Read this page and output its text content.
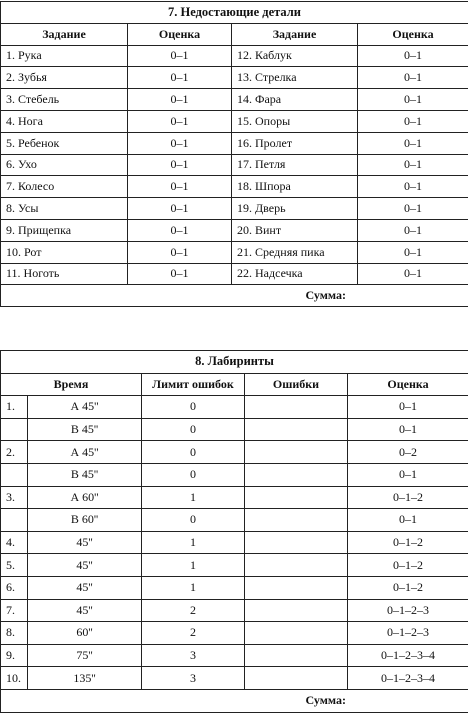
7. Недостающие детали			
Задание	Оценка	Задание	Оценка
1. Рука	0–1	12. Каблук	0–1
2. Зубья	0–1	13. Стрелка	0–1
3. Стебель	0–1	14. Фара	0–1
4. Нога	0–1	15. Опоры	0–1
5. Ребенок	0–1	16. Пролет	0–1
6. Ухо	0–1	17. Петля	0–1
7. Колесо	0–1	18. Шпора	0–1
8. Усы	0–1	19. Дверь	0–1
9. Прищепка	0–1	20. Винт	0–1
10. Рот	0–1	21. Средняя пика	0–1
11. Ноготь	0–1	22. Надсечка	0–1
Сумма:			
8. Лабиринты				
Время		Лимит ошибок	Ошибки	Оценка
1.	А 45''	0		0–1
	В 45''	0		0–1
2.	А 45''	0		0–2
	В 45''	0		0–1
3.	А 60''	1		0–1–2
	В 60''	0		0–1
4.	45''	1		0–1–2
5.	45''	1		0–1–2
6.	45''	1		0–1–2
7.	45''	2		0–1–2–3
8.	60''	2		0–1–2–3
9.	75''	3		0–1–2–3–4
10.	135''	3		0–1–2–3–4
Сумма:				
